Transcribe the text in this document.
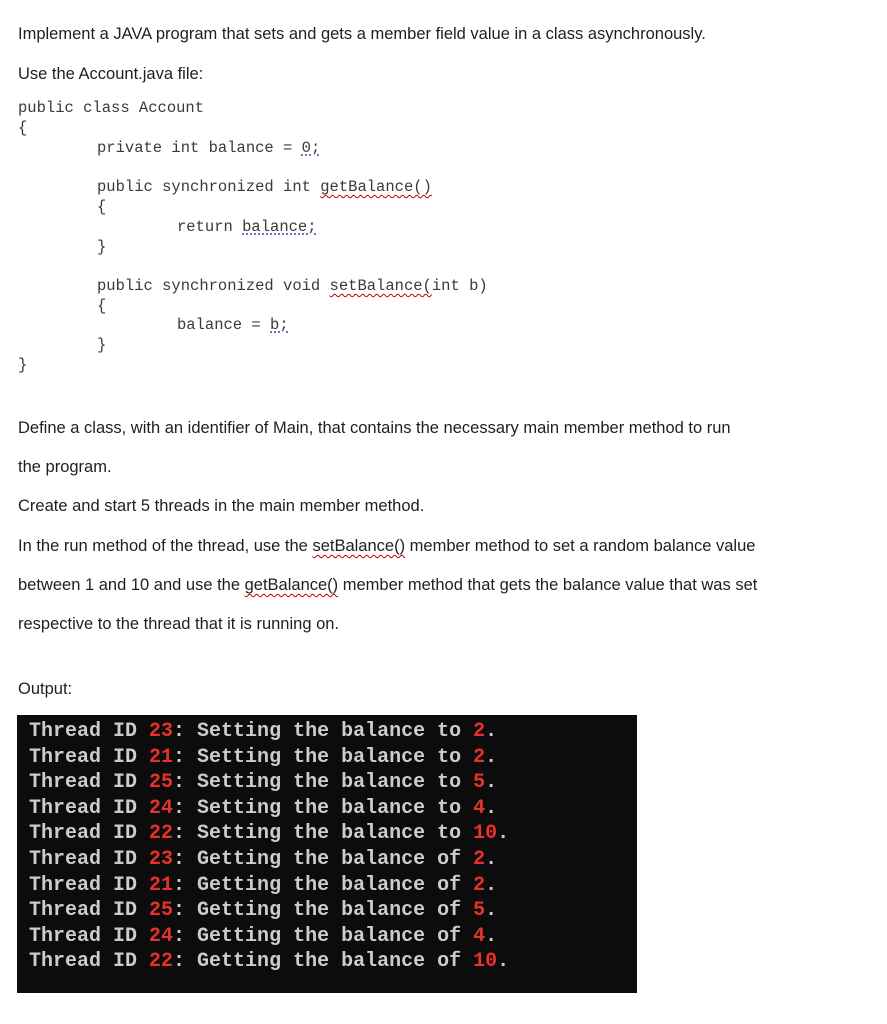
Implement a JAVA program that sets and gets a member field value in a class asynchronously.

Use the Account.java file:

public class Account

{

private int balance = 0;

public synchronized int getBalance()

{

return balance;

}

public synchronized void setBalance(int b)

{

balance = b;

}

}

Define a class, with an identifier of Main, that contains the necessary main member method to run

the program.

Create and start 5 threads in the main member method.

In the run method of the thread, use the setBalance() member method to set a random balance value

between 1 and 10 and use the getBalance() member method that gets the balance value that was set

respective to the thread that it is running on.

Output:

Thread ID 23: Setting the balance to 2.

Thread ID 21: Setting the balance to 2.

Thread ID 25: Setting the balance to 5.

Thread ID 24: Setting the balance to 4.

Thread ID 22: Setting the balance to 10.

Thread ID 23: Getting the balance of 2.

Thread ID 21: Getting the balance of 2.

Thread ID 25: Getting the balance of 5.

Thread ID 24: Getting the balance of 4.

Thread ID 22: Getting the balance of 10.
